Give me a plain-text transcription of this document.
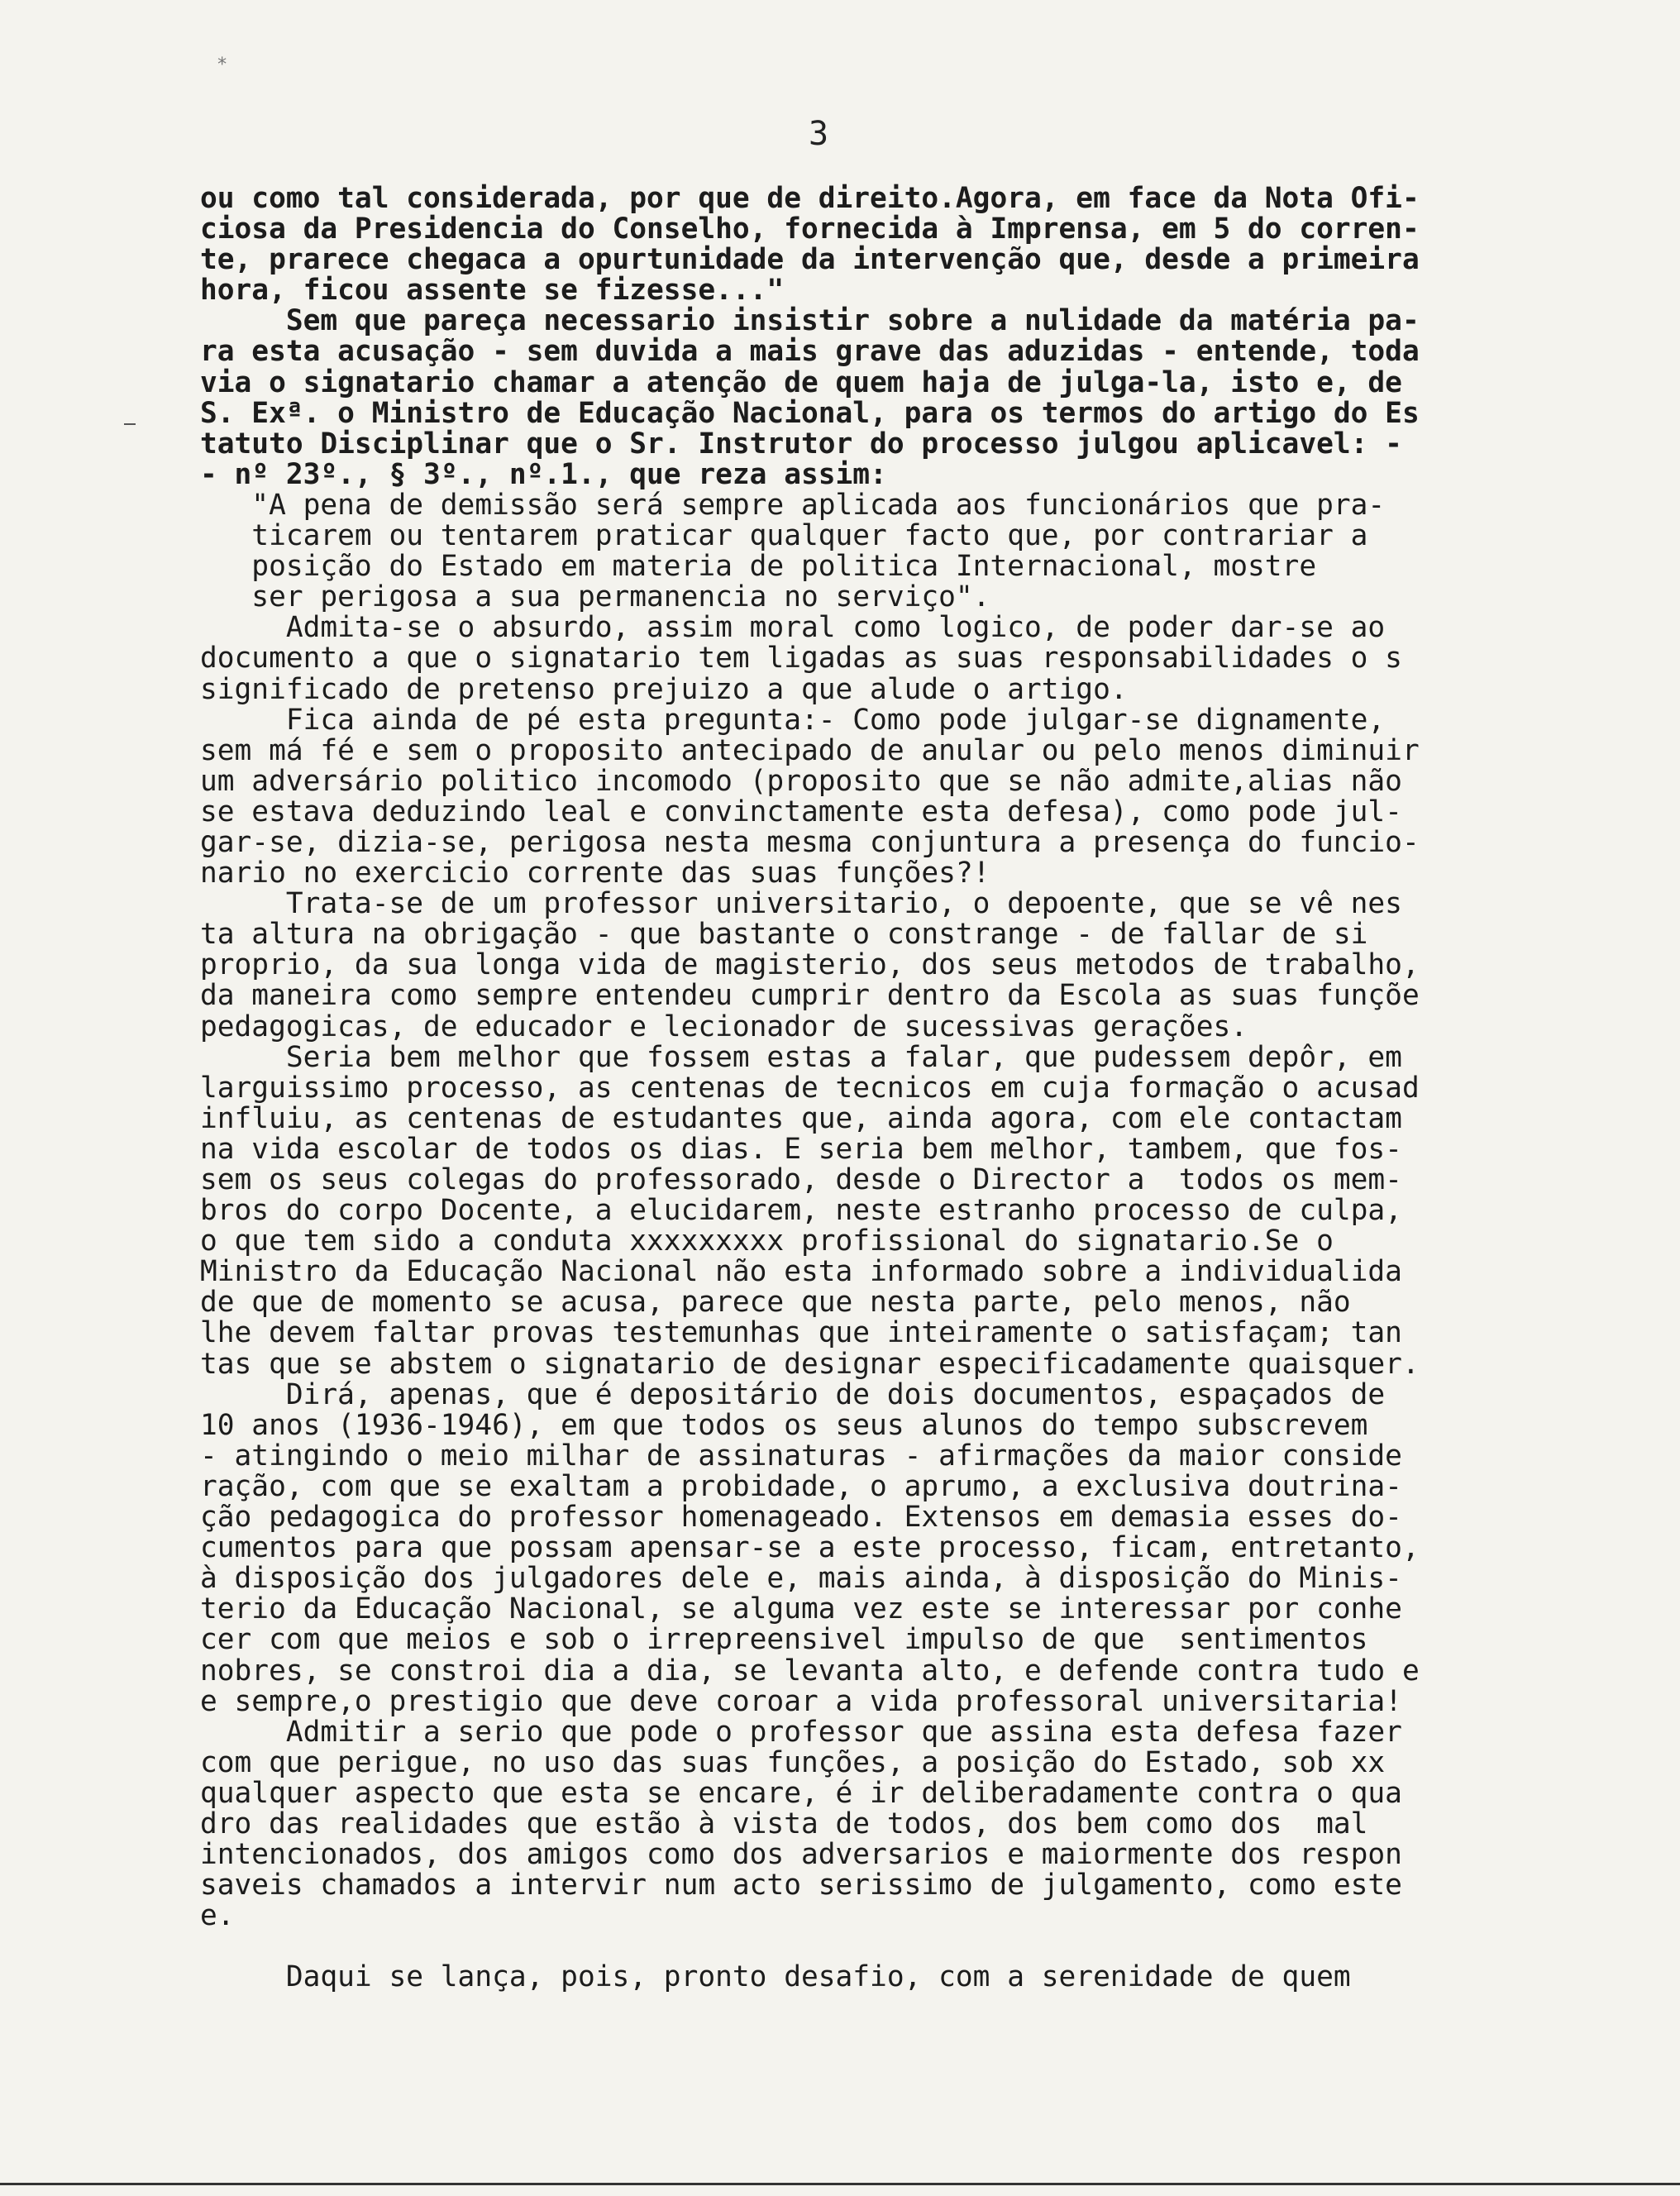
*
3
ou como tal considerada, por que de direito.Agora, em face da Nota Ofi-
ciosa da Presidencia do Conselho, fornecida à Imprensa, em 5 do corren-
te, prarece chegaca a opurtunidade da intervenção que, desde a primeira
hora, ficou assente se fizesse..."
Sem que pareça necessario insistir sobre a nulidade da matéria pa-
ra esta acusação - sem duvida a mais grave das aduzidas - entende, toda
via o signatario chamar a atenção de quem haja de julga-la, isto e, de
S. Exª. o Ministro de Educação Nacional, para os termos do artigo do Es
tatuto Disciplinar que o Sr. Instrutor do processo julgou aplicavel: -
- nº 23º., § 3º., nº.1., que reza assim:
"A pena de demissão será sempre aplicada aos funcionários que pra-
ticarem ou tentarem praticar qualquer facto que, por contrariar a
posição do Estado em materia de politica Internacional, mostre
ser perigosa a sua permanencia no serviço".
Admita-se o absurdo, assim moral como logico, de poder dar-se ao
documento a que o signatario tem ligadas as suas responsabilidades o s
significado de pretenso prejuizo a que alude o artigo.
Fica ainda de pé esta pregunta:- Como pode julgar-se dignamente,
sem má fé e sem o proposito antecipado de anular ou pelo menos diminuir
um adversário politico incomodo (proposito que se não admite,alias não
se estava deduzindo leal e convinctamente esta defesa), como pode jul-
gar-se, dizia-se, perigosa nesta mesma conjuntura a presença do funcio-
nario no exercicio corrente das suas funções?!
Trata-se de um professor universitario, o depoente, que se vê nes
ta altura na obrigação - que bastante o constrange - de fallar de si
proprio, da sua longa vida de magisterio, dos seus metodos de trabalho,
da maneira como sempre entendeu cumprir dentro da Escola as suas funçõe
pedagogicas, de educador e lecionador de sucessivas gerações.
Seria bem melhor que fossem estas a falar, que pudessem depôr, em
larguissimo processo, as centenas de tecnicos em cuja formação o acusad
influiu, as centenas de estudantes que, ainda agora, com ele contactam
na vida escolar de todos os dias. E seria bem melhor, tambem, que fos-
sem os seus colegas do professorado, desde o Director a  todos os mem-
bros do corpo Docente, a elucidarem, neste estranho processo de culpa,
o que tem sido a conduta xxxxxxxxx profissional do signatario.Se o
Ministro da Educação Nacional não esta informado sobre a individualida
de que de momento se acusa, parece que nesta parte, pelo menos, não
lhe devem faltar provas testemunhas que inteiramente o satisfaçam; tan
tas que se abstem o signatario de designar especificadamente quaisquer.
Dirá, apenas, que é depositário de dois documentos, espaçados de
10 anos (1936-1946), em que todos os seus alunos do tempo subscrevem
- atingindo o meio milhar de assinaturas - afirmações da maior conside
ração, com que se exaltam a probidade, o aprumo, a exclusiva doutrina-
ção pedagogica do professor homenageado. Extensos em demasia esses do-
cumentos para que possam apensar-se a este processo, ficam, entretanto,
à disposição dos julgadores dele e, mais ainda, à disposição do Minis-
terio da Educação Nacional, se alguma vez este se interessar por conhe
cer com que meios e sob o irrepreensivel impulso de que  sentimentos
nobres, se constroi dia a dia, se levanta alto, e defende contra tudo e
e sempre,o prestigio que deve coroar a vida professoral universitaria!
Admitir a serio que pode o professor que assina esta defesa fazer
com que perigue, no uso das suas funções, a posição do Estado, sob xx
qualquer aspecto que esta se encare, é ir deliberadamente contra o qua
dro das realidades que estão à vista de todos, dos bem como dos  mal
intencionados, dos amigos como dos adversarios e maiormente dos respon
saveis chamados a intervir num acto serissimo de julgamento, como este
e.
Daqui se lança, pois, pronto desafio, com a serenidade de quem
